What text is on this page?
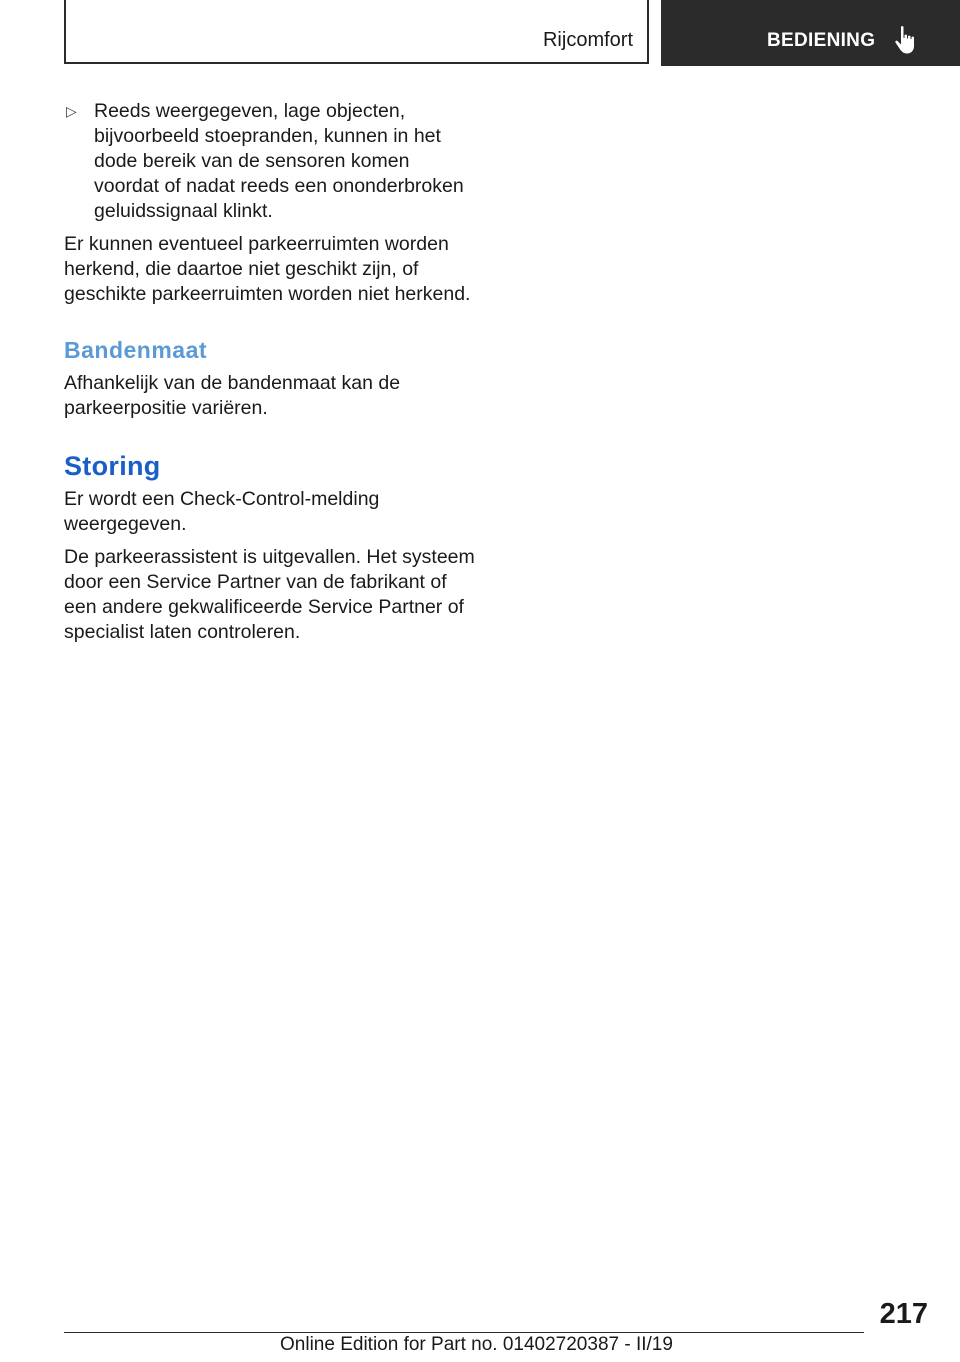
Rijcomfort	BEDIENING
▷ Reeds weergegeven, lage objecten, bijvoorbeeld stoepranden, kunnen in het dode bereik van de sensoren komen voordat of nadat reeds een ononderbroken geluidssignaal klinkt.

Er kunnen eventueel parkeerruimten worden herkend, die daartoe niet geschikt zijn, of geschikte parkeerruimten worden niet herkend.

Bandenmaat

Afhankelijk van de bandenmaat kan de parkeerpositie variëren.

Storing

Er wordt een Check-Control-melding weergegeven.

De parkeerassistent is uitgevallen. Het systeem door een Service Partner van de fabrikant of een andere gekwalificeerde Service Partner of specialist laten controleren.

217
Online Edition for Part no. 01402720387 - II/19
